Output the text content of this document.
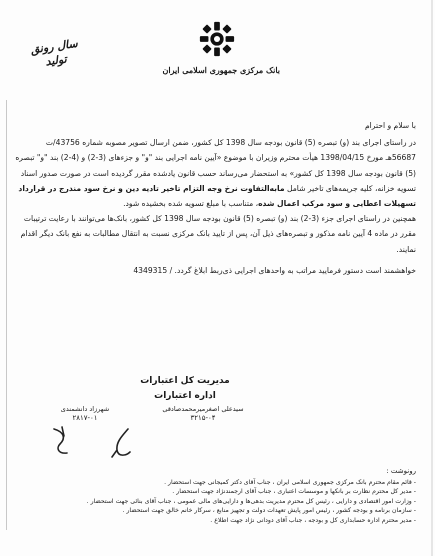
بانک مرکزی جمهوری اسلامی ایران
سال رونق
تولید
با سلام و احترام

در راستای اجرای بند (و) تبصره (5) قانون بودجه سال 1398 کل کشور، ضمن ارسال تصویر مصوبه شماره 43756/ت 56687هـ مورخ 1398/04/15 هیأت محترم وزیران با موضوع «آیین نامه اجرایی بند "و" و جزءهای (3-2) و (4-2) بند "و" تبصره (5) قانون بودجه سال 1398 کل کشور» به استحضار می‌رساند حسب قانون یادشده مقرر گردیده است در صورت صدور اسناد تسویه خزانه، کلیه جریمه‌های تاخیر شامل مابه‌التفاوت نرخ وجه التزام تاخیر تادیه دین و نرخ سود مندرج در قرارداد تسهیلات اعطایی و سود مرکب اعمال شده، متناسب با مبلغ تسویه شده بخشیده شود.

همچنین در راستای اجرای جزء (3-2) بند (و) تبصره (5) قانون بودجه سال 1398 کل کشور، بانک‌ها می‌توانند با رعایت ترتیبات مقرر در ماده 4 آیین نامه مذکور و تبصره‌های ذیل آن، پس از تایید بانک مرکزی نسبت به انتقال مطالبات به نفع بانک دیگر اقدام نمایند.

خواهشمند است دستور فرمایید مراتب به واحدهای اجرایی ذی‌ربط ابلاغ گردد. / 4349315
مدیریت کل اعتبارات
اداره اعتبارات
سیدعلی اصغرمیرمحمدصادقی
۳۲۱۵-۰۴
شهرزاد دانشمندی
۲۸۱۷-۰۱
رونوشت :
- قائم مقام محترم بانک مرکزی جمهوری اسلامی ایران ، جناب آقای دکتر کمیجانی جهت استحضار .
- مدیر کل محترم نظارت بر بانکها و موسسات اعتباری ، جناب آقای ارجمندنژاد جهت استحضار .
- وزارت امور اقتصادی و دارایی ، رئیس کل محترم مدیریت بدهی‌ها و دارایی‌های مالی عمومی ، جناب آقای بنائی جهت استحضار .
- سازمان برنامه و بودجه کشور ، رئیس امور پایش تعهدات دولت و تجهیز منابع ، سرکار خانم خالق جهت استحضار .
- مدیر محترم اداره حسابداری کل و بودجه ، جناب آقای دودانی نژاد جهت اطلاع .
